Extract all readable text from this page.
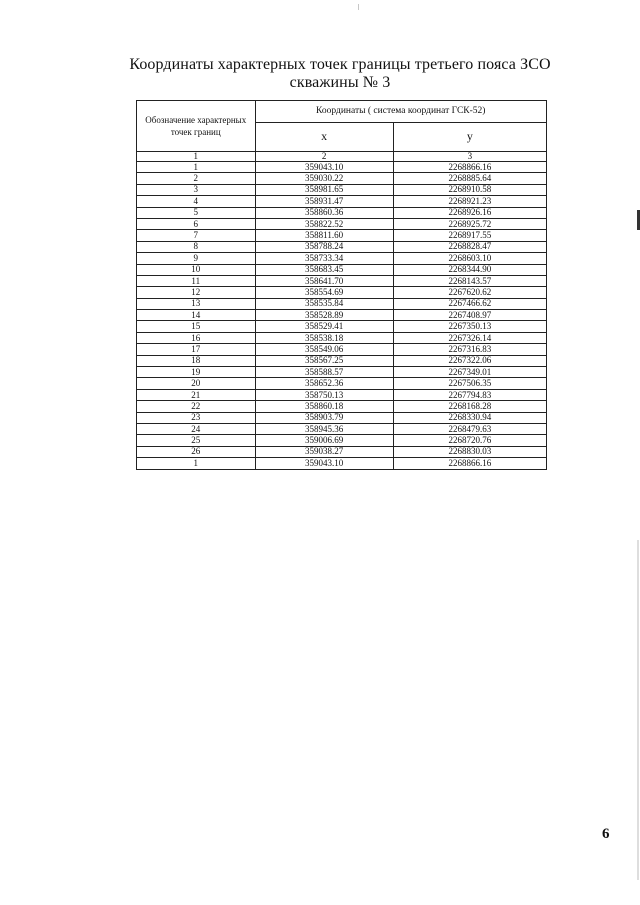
Координаты характерных точек границы третьего пояса ЗСО
скважины № 3
Обозначение характерных точек границ	Координаты ( система координат ГСК-52)	
	x	y
1	2	3
1	359043.10	2268866.16
2	359030.22	2268885.64
3	358981.65	2268910.58
4	358931.47	2268921.23
5	358860.36	2268926.16
6	358822.52	2268925.72
7	358811.60	2268917.55
8	358788.24	2268828.47
9	358733.34	2268603.10
10	358683.45	2268344.90
11	358641.70	2268143.57
12	358554.69	2267620.62
13	358535.84	2267466.62
14	358528.89	2267408.97
15	358529.41	2267350.13
16	358538.18	2267326.14
17	358549.06	2267316.83
18	358567.25	2267322.06
19	358588.57	2267349.01
20	358652.36	2267506.35
21	358750.13	2267794.83
22	358860.18	2268168.28
23	358903.79	2268330.94
24	358945.36	2268479.63
25	359006.69	2268720.76
26	359038.27	2268830.03
1	359043.10	2268866.16
6
